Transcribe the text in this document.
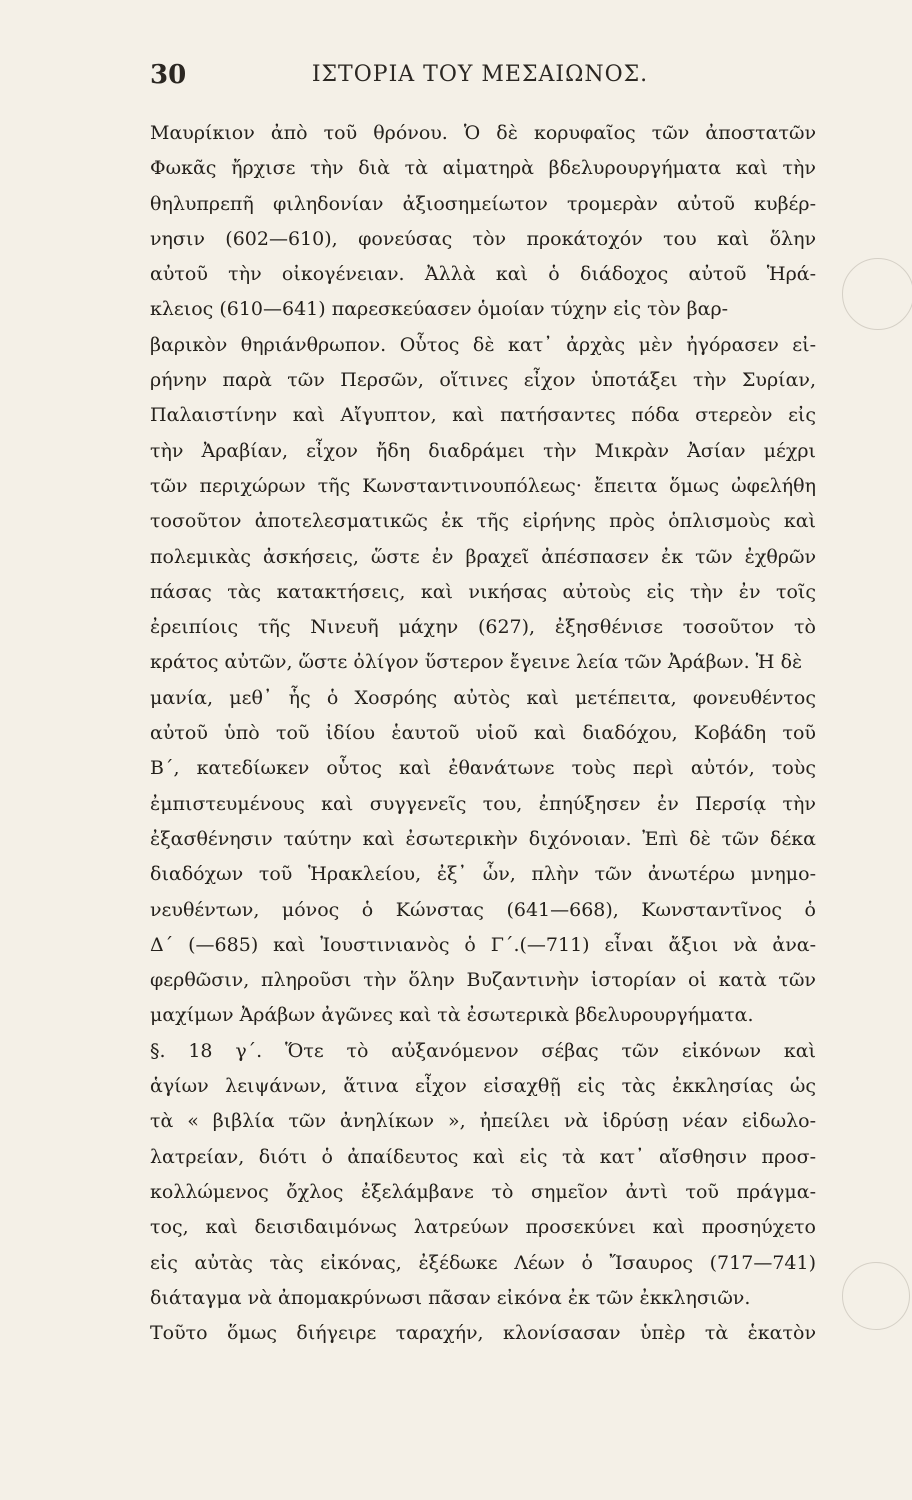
30	ΙΣΤΟΡΙΑ ΤΟΥ ΜΕΣΑΙΩΝΟΣ.
Μαυρίκιον ἀπὸ τοῦ θρόνου. Ὁ δὲ κορυφαῖος τῶν ἀποστατῶν
Φωκᾶς ἤρχισε τὴν διὰ τὰ αἱματηρὰ βδελυρουργήματα καὶ τὴν
θηλυπρεπῆ φιληδονίαν ἀξιοσημείωτον τρομερὰν αὐτοῦ κυβέρ-
νησιν (602—610), φονεύσας τὸν προκάτοχόν του καὶ ὅλην
αὐτοῦ τὴν οἰκογένειαν. Ἀλλὰ καὶ ὁ διάδοχος αὐτοῦ Ἡρά-
κλειος (610—641) παρεσκεύασεν ὁμοίαν τύχην εἰς τὸν βαρ-
βαρικὸν θηριάνθρωπον. Οὗτος δὲ κατ᾽ ἀρχὰς μὲν ἠγόρασεν εἰ-
ρήνην παρὰ τῶν Περσῶν, οἵτινες εἶχον ὑποτάξει τὴν Συρίαν,
Παλαιστίνην καὶ Αἴγυπτον, καὶ πατήσαντες πόδα στερεὸν εἰς
τὴν Ἀραβίαν, εἶχον ἤδη διαδράμει τὴν Μικρὰν Ἀσίαν μέχρι
τῶν περιχώρων τῆς Κωνσταντινουπόλεως· ἔπειτα ὅμως ὠφελήθη
τοσοῦτον ἀποτελεσματικῶς ἐκ τῆς εἰρήνης πρὸς ὁπλισμοὺς καὶ
πολεμικὰς ἀσκήσεις, ὥστε ἐν βραχεῖ ἀπέσπασεν ἐκ τῶν ἐχθρῶν
πάσας τὰς κατακτήσεις, καὶ νικήσας αὐτοὺς εἰς τὴν ἐν τοῖς
ἐρειπίοις τῆς Νινευῆ μάχην (627), ἐξησθένισε τοσοῦτον τὸ
κράτος αὐτῶν, ὥστε ὀλίγον ὕστερον ἔγεινε λεία τῶν Ἀράβων. Ἡ δὲ
μανία, μεθ᾽ ἧς ὁ Χοσρόης αὐτὸς καὶ μετέπειτα, φονευθέντος
αὐτοῦ ὑπὸ τοῦ ἰδίου ἑαυτοῦ υἱοῦ καὶ διαδόχου, Κοβάδη τοῦ
Β´, κατεδίωκεν οὗτος καὶ ἐθανάτωνε τοὺς περὶ αὐτόν, τοὺς
ἐμπιστευμένους καὶ συγγενεῖς του, ἐπηύξησεν ἐν Περσίᾳ τὴν
ἐξασθένησιν ταύτην καὶ ἐσωτερικὴν διχόνοιαν. Ἐπὶ δὲ τῶν δέκα
διαδόχων τοῦ Ἡρακλείου, ἐξ᾽ ὧν, πλὴν τῶν ἀνωτέρω μνημο-
νευθέντων, μόνος ὁ Κώνστας (641—668), Κωνσταντῖνος ὁ
Δ´ (—685) καὶ Ἰουστινιανὸς ὁ Γ´.(—711) εἶναι ἄξιοι νὰ ἀνα-
φερθῶσιν, πληροῦσι τὴν ὅλην Βυζαντινὴν ἱστορίαν οἱ κατὰ τῶν
μαχίμων Ἀράβων ἀγῶνες καὶ τὰ ἐσωτερικὰ βδελυρουργήματα.
§. 18 γ´. Ὅτε τὸ αὐξανόμενον σέβας τῶν εἰκόνων καὶ
ἁγίων λειψάνων, ἅτινα εἶχον εἰσαχθῇ εἰς τὰς ἐκκλησίας ὡς
τὰ « βιβλία τῶν ἀνηλίκων », ἠπείλει νὰ ἱδρύσῃ νέαν εἰδωλο-
λατρείαν, διότι ὁ ἀπαίδευτος καὶ εἰς τὰ κατ᾽ αἴσθησιν προσ-
κολλώμενος ὄχλος ἐξελάμβανε τὸ σημεῖον ἀντὶ τοῦ πράγμα-
τος, καὶ δεισιδαιμόνως λατρεύων προσεκύνει καὶ προσηύχετο
εἰς αὐτὰς τὰς εἰκόνας, ἐξέδωκε Λέων ὁ Ἴσαυρος (717—741)
διάταγμα νὰ ἀπομακρύνωσι πᾶσαν εἰκόνα ἐκ τῶν ἐκκλησιῶν.
Τοῦτο ὅμως διήγειρε ταραχήν, κλονίσασαν ὑπὲρ τὰ ἑκατὸν
